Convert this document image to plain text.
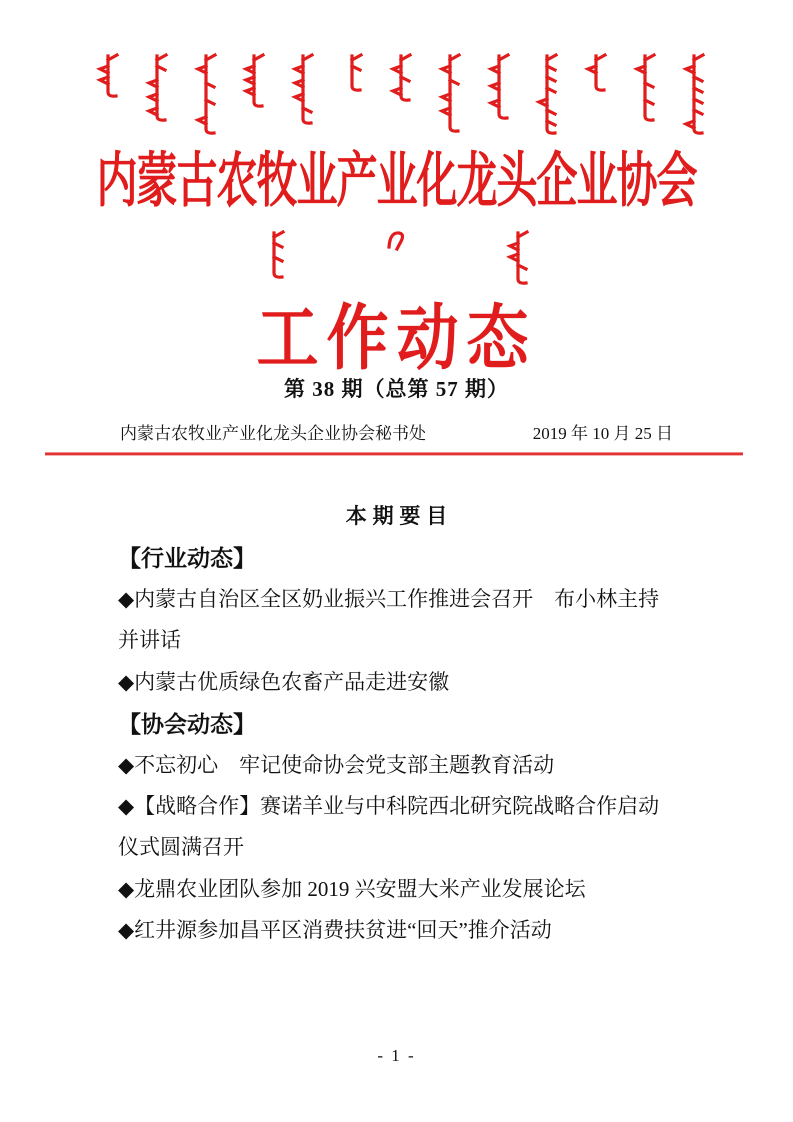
内蒙古农牧业产业化龙头企业协会
工作动态
第 38 期（总第 57 期）
内蒙古农牧业产业化龙头企业协会秘书处	2019 年 10 月 25 日
本 期 要 目
【行业动态】
◆内蒙古自治区全区奶业振兴工作推进会召开　布小林主持
并讲话
◆内蒙古优质绿色农畜产品走进安徽
【协会动态】
◆不忘初心　牢记使命协会党支部主题教育活动
◆【战略合作】赛诺羊业与中科院西北研究院战略合作启动
仪式圆满召开
◆龙鼎农业团队参加 2019 兴安盟大米产业发展论坛
◆红井源参加昌平区消费扶贫进“回天”推介活动
- 1 -
